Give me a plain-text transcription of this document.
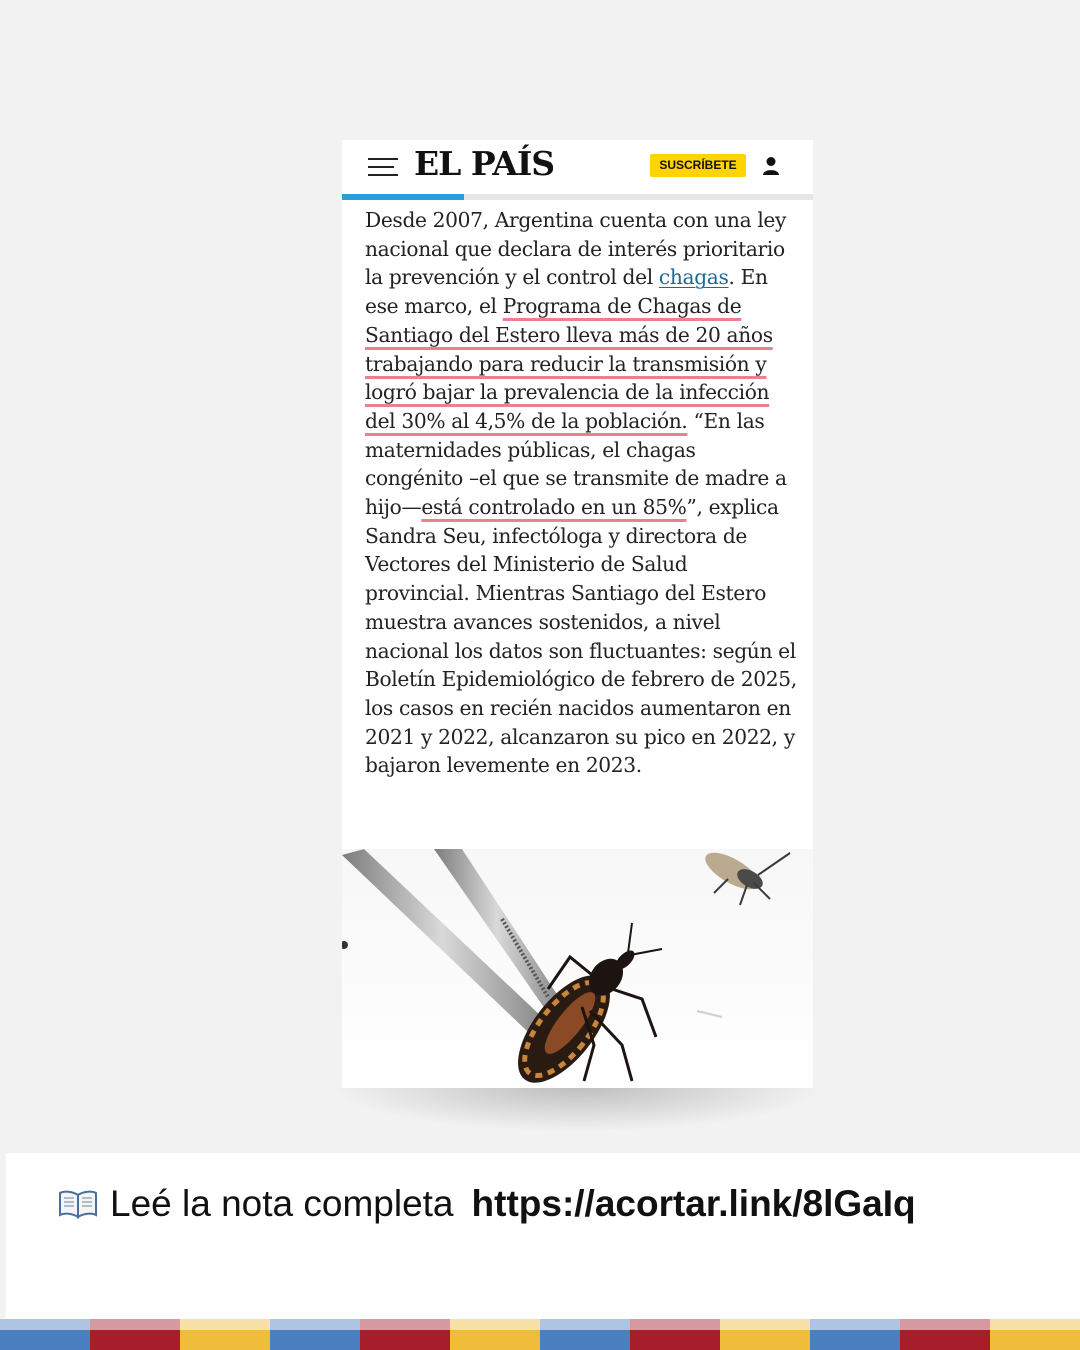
EL PAÍS	SUSCRÍBETE

Desde 2007, Argentina cuenta con una ley nacional que declara de interés prioritario la prevención y el control del chagas. En ese marco, el Programa de Chagas de Santiago del Estero lleva más de 20 años trabajando para reducir la transmisión y logró bajar la prevalencia de la infección del 30% al 4,5% de la población. “En las maternidades públicas, el chagas congénito –el que se transmite de madre a hijo—está controlado en un 85%”, explica Sandra Seu, infectóloga y directora de Vectores del Ministerio de Salud provincial. Mientras Santiago del Estero muestra avances sostenidos, a nivel nacional los datos son fluctuantes: según el Boletín Epidemiológico de febrero de 2025, los casos en recién nacidos aumentaron en 2021 y 2022, alcanzaron su pico en 2022, y bajaron levemente en 2023.

Leé la nota completa https://acortar.link/8lGaIq
